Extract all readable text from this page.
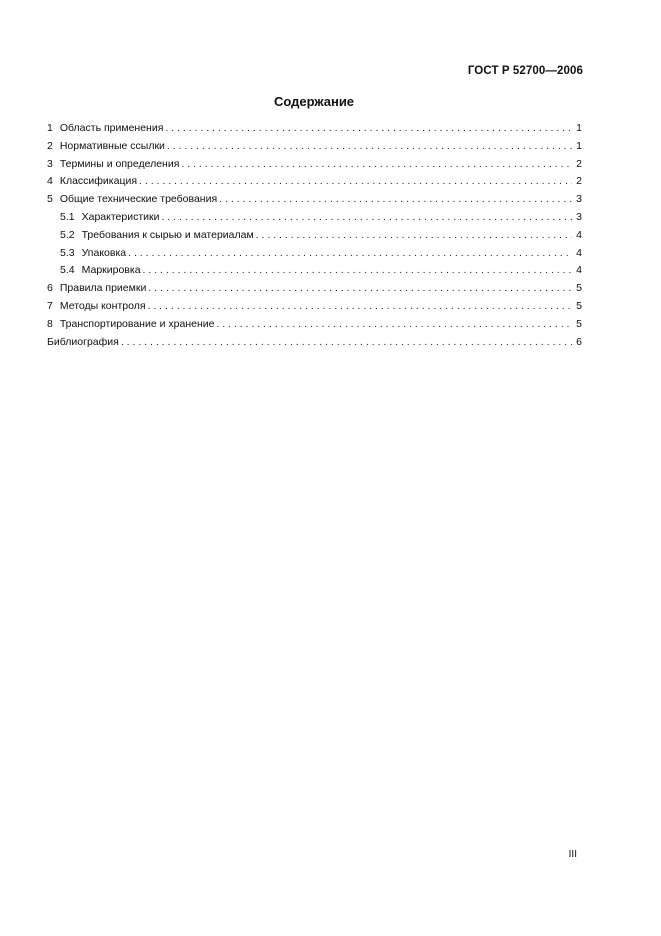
ГОСТ Р 52700—2006
Содержание
1 Область применения . . .	1
2 Нормативные ссылки . . .	1
3 Термины и определения . . .	2
4 Классификация . . .	2
5 Общие технические требования . . .	3
5.1 Характеристики . . .	3
5.2 Требования к сырью и материалам . . .	4
5.3 Упаковка . . .	4
5.4 Маркировка . . .	4
6 Правила приемки . . .	5
7 Методы контроля . . .	5
8 Транспортирование и хранение . . .	5
Библиография . . .	6
III
